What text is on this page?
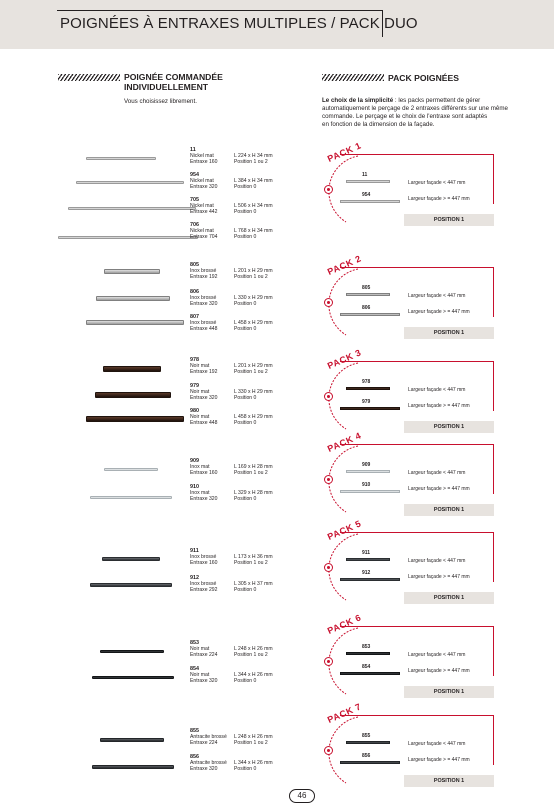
POIGNÉES À ENTRAXES MULTIPLES / PACK DUO
POIGNÉE COMMANDÉE
INDIVIDUELLEMENT
Vous choisissez librement.
PACK POIGNÉES
Le choix de la simplicité : les packs permettent de gérer
automatiquement le perçage de 2 entraxes différents sur une même
commande. Le perçage et le choix de l'entraxe sont adaptés
en fonction de la dimension de la façade.
11
Nickel mat
Entraxe 160
L 224 x H 34 mm
Position 1 ou 2
954
Nickel mat
Entraxe 320
L 384 x H 34 mm
Position 0
705
Nickel mat
Entraxe 442
L 506 x H 34 mm
Position 0
706
Nickel mat
Entraxe 704
L 768 x H 34 mm
Position 0
805
Inox brossé
Entraxe 192
L 201 x H 29 mm
Position 1 ou 2
806
Inox brossé
Entraxe 320
L 330 x H 29 mm
Position 0
807
Inox brossé
Entraxe 448
L 458 x H 29 mm
Position 0
978
Noir mat
Entraxe 192
L 201 x H 29 mm
Position 1 ou 2
979
Noir mat
Entraxe 320
L 330 x H 29 mm
Position 0
980
Noir mat
Entraxe 448
L 458 x H 29 mm
Position 0
909
Inox mat
Entraxe 160
L 169 x H 28 mm
Position 1 ou 2
910
Inox mat
Entraxe 320
L 329 x H 28 mm
Position 0
911
Inox brossé
Entraxe 160
L 173 x H 36 mm
Position 1 ou 2
912
Inox brossé
Entraxe 292
L 305 x H 37 mm
Position 0
853
Noir mat
Entraxe 224
L 248 x H 26 mm
Position 1 ou 2
854
Noir mat
Entraxe 320
L 344 x H 26 mm
Position 0
855
Antracite brossé
Entraxe 224
L 248 x H 26 mm
Position 1 ou 2
856
Antracite brossé
Entraxe 320
L 344 x H 26 mm
Position 0
PACK 1
11
954
Largeur façade < 447 mm
Largeur façade > = 447 mm
POSITION 1
PACK 2
805
806
Largeur façade < 447 mm
Largeur façade > = 447 mm
POSITION 1
PACK 3
978
979
Largeur façade < 447 mm
Largeur façade > = 447 mm
POSITION 1
PACK 4
909
910
Largeur façade < 447 mm
Largeur façade > = 447 mm
POSITION 1
PACK 5
911
912
Largeur façade < 447 mm
Largeur façade > = 447 mm
POSITION 1
PACK 6
853
854
Largeur façade < 447 mm
Largeur façade > = 447 mm
POSITION 1
PACK 7
855
856
Largeur façade < 447 mm
Largeur façade > = 447 mm
POSITION 1
46
